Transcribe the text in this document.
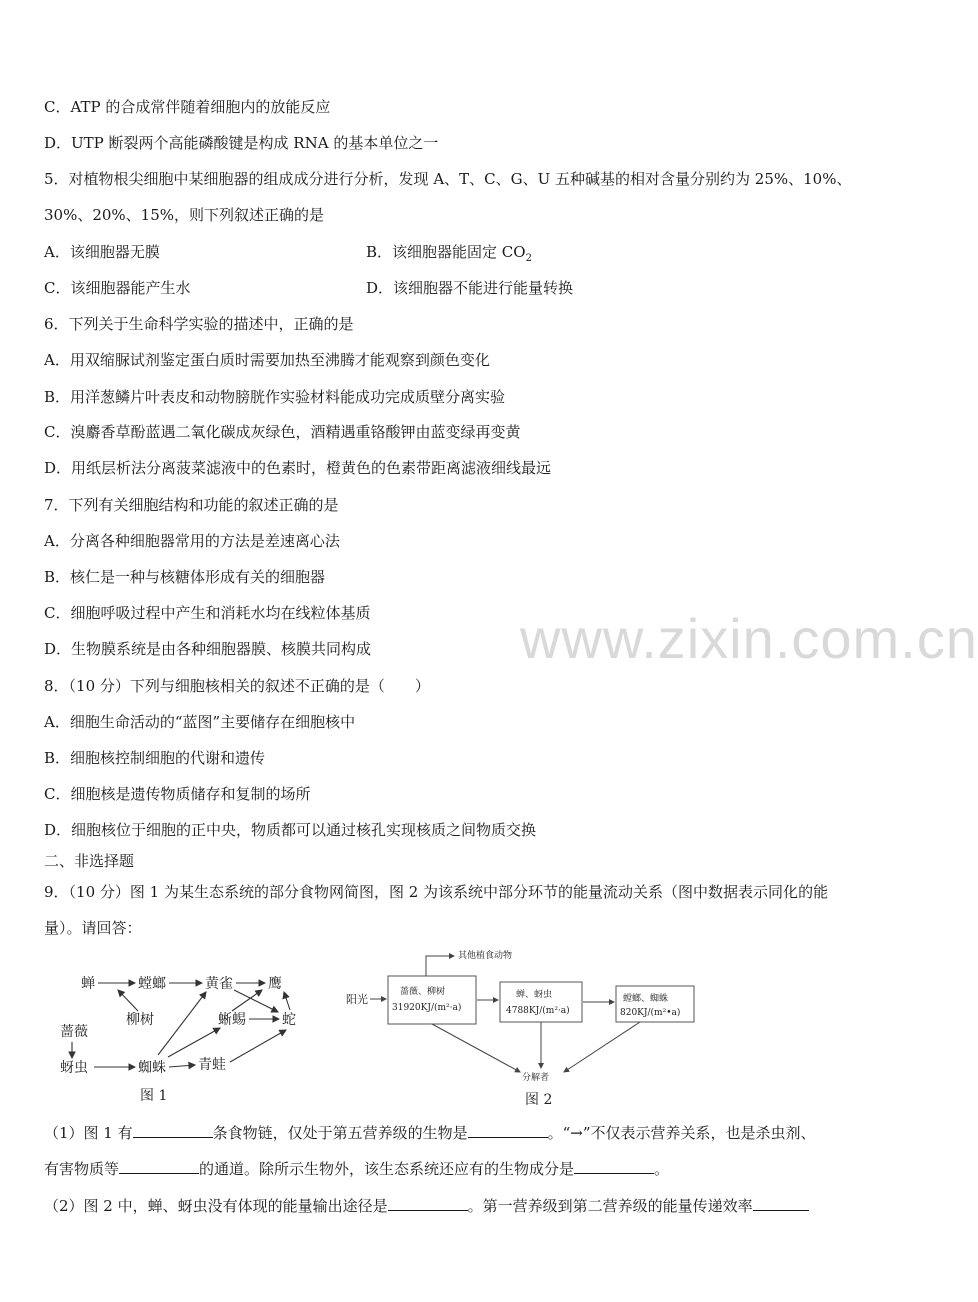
www.zixin.com.cn
C．ATP 的合成常伴随着细胞内的放能反应
D．UTP 断裂两个高能磷酸键是构成 RNA 的基本单位之一
5．对植物根尖细胞中某细胞器的组成成分进行分析，发现 A、T、C、G、U 五种碱基的相对含量分别约为 25%、10%、
30%、20%、15%，则下列叙述正确的是
A．该细胞器无膜	B．该细胞器能固定 $CO_2$
C．该细胞器能产生水	D．该细胞器不能进行能量转换
6．下列关于生命科学实验的描述中，正确的是
A．用双缩脲试剂鉴定蛋白质时需要加热至沸腾才能观察到颜色变化
B．用洋葱鳞片叶表皮和动物膀胱作实验材料能成功完成质壁分离实验
C．溴麝香草酚蓝遇二氧化碳成灰绿色，酒精遇重铬酸钾由蓝变绿再变黄
D．用纸层析法分离菠菜滤液中的色素时，橙黄色的色素带距离滤液细线最远
7．下列有关细胞结构和功能的叙述正确的是
A．分离各种细胞器常用的方法是差速离心法
B．核仁是一种与核糖体形成有关的细胞器
C．细胞呼吸过程中产生和消耗水均在线粒体基质
D．生物膜系统是由各种细胞器膜、核膜共同构成
8．（10 分）下列与细胞核相关的叙述不正确的是（　　）
A．细胞生命活动的“蓝图”主要储存在细胞核中
B．细胞核控制细胞的代谢和遗传
C．细胞核是遗传物质储存和复制的场所
D．细胞核位于细胞的正中央，物质都可以通过核孔实现核质之间物质交换
二、非选择题
9．（10 分）图 1 为某生态系统的部分食物网简图，图 2 为该系统中部分环节的能量流动关系（图中数据表示同化的能
量）。请回答：
蝉	螳螂	黄雀	鹰
柳树	蜥蜴	蛇
蔷薇
蚜虫	蜘蛛 青蛙
图 1
阳光
其他植食动物
蔷薇、柳树
31920KJ/(m²·a)
蝉、蚜虫
4788KJ/(m²·a)
螳螂、蜘蛛
820KJ/(m²•a)
分解者
图 2
（1）图 1 有	条食物链，仅处于第五营养级的生物是	。“→”不仅表示营养关系，也是杀虫剂、
有害物质等	的通道。除所示生物外，该生态系统还应有的生物成分是	。
（2）图 2 中，蝉、蚜虫没有体现的能量输出途径是	。第一营养级到第二营养级的能量传递效率
